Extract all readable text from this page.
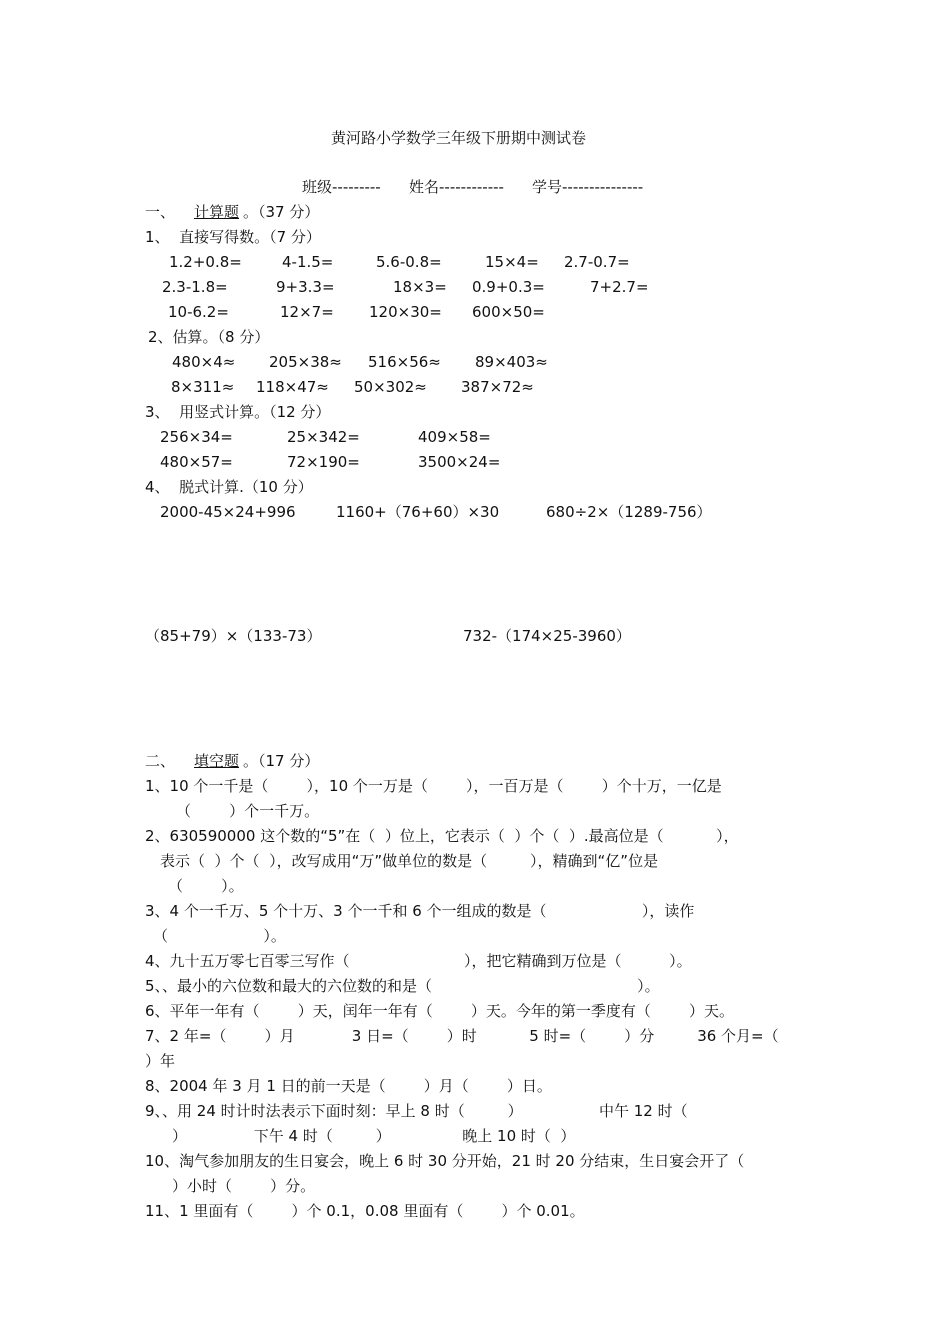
黄河路小学数学三年级下册期中测试卷
班级--------- 姓名------------ 学号---------------
一、 计算题 。（37 分）
1、  直接写得数。（7 分）
1.2+0.8=	4-1.5=	5.6-0.8=	15×4= 2.7-0.7=
2.3-1.8=	9+3.3=	18×3= 0.9+0.3=	7+2.7=
10-6.2=	12×7= 120×30= 600×50=
2、估算。（8 分）
480×4≈ 205×38≈ 516×56≈ 89×403≈
8×311≈ 118×47≈ 50×302≈ 387×72≈
3、  用竖式计算。（12 分）
256×34=	25×342=	409×58=
480×57=	72×190=	3500×24=
4、  脱式计算.（10 分）
2000-45×24+996	1160+（76+60）×30	680÷2×（1289-756）
（85+79）×（133-73）	732-（174×25-3960）
二、 填空题 。（17 分）
1、10 个一千是（        ），10 个一万是（        ），一百万是（        ）个十万，一亿是
（        ）个一千万。
2、630590000 这个数的“5”在（  ）位上，它表示（  ）个（  ）.最高位是（           ），
表示（  ）个（  ），改写成用“万”做单位的数是（         ），精确到“亿”位是
（        ）。
3、4 个一千万、5 个十万、3 个一千和 6 个一组成的数是（                    ），读作
（                    ）。
4、九十五万零七百零三写作（                        ），把它精确到万位是（          ）。
5、、最小的六位数和最大的六位数的和是（                                           ）。
6、平年一年有（        ）天，闰年一年有（        ）天。今年的第一季度有（        ）天。
7、2 年=（        ）月            3 日=（        ）时           5 时=（        ）分         36 个月=（
）年
8、2004 年 3 月 1 日的前一天是（        ）月（        ）日。
9、、用 24 时计时法表示下面时刻：早上 8 时（         ）                中午 12 时（
）              下午 4 时（         ）               晚上 10 时（  ）
10、淘气参加朋友的生日宴会，晚上 6 时 30 分开始，21 时 20 分结束，生日宴会开了（
）小时（        ）分。
11、1 里面有（        ）个 0.1，0.08 里面有（        ）个 0.01。
